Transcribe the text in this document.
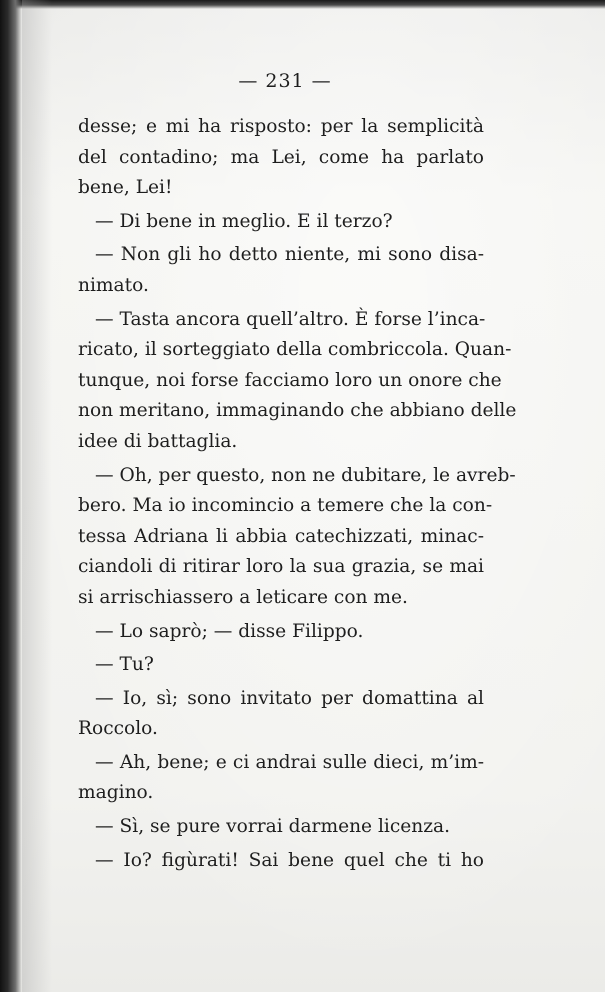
— 231 —
desse; e mi ha risposto: per la semplicità
del contadino; ma Lei, come ha parlato
bene, Lei!
— Di bene in meglio. E il terzo?
— Non gli ho detto niente, mi sono disa-
nimato.
— Tasta ancora quell’altro. È forse l’inca-
ricato, il sorteggiato della combriccola. Quan-
tunque, noi forse facciamo loro un onore che
non meritano, immaginando che abbiano delle
idee di battaglia.
— Oh, per questo, non ne dubitare, le avreb-
bero. Ma io incomincio a temere che la con-
tessa Adriana li abbia catechizzati, minac-
ciandoli di ritirar loro la sua grazia, se mai
si arrischiassero a leticare con me.
— Lo saprò; — disse Filippo.
— Tu?
— Io, sì; sono invitato per domattina al
Roccolo.
— Ah, bene; e ci andrai sulle dieci, m’im-
magino.
— Sì, se pure vorrai darmene licenza.
— Io? figùrati! Sai bene quel che ti ho
